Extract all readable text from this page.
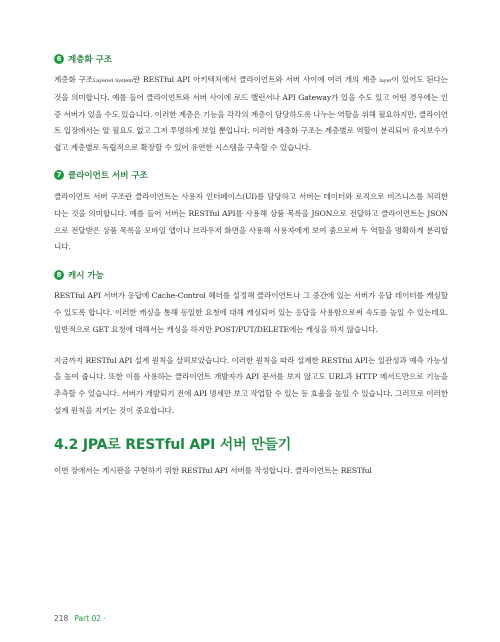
6 계층화 구조

계층화 구조Layered System란 RESTful API 아키텍처에서 클라이언트와 서버 사이에 여러 개의 계층 layer이 있어도 된다는 것을 의미합니다. 예를 들어 클라이언트와 서버 사이에 로드 밸런서나 API Gateway가 있을 수도 있고 어떤 경우에는 인증 서버가 있을 수도 있습니다. 이러한 계층은 기능을 각각의 계층이 담당하도록 나누는 역할을 위해 필요하지만, 클라이언트 입장에서는 알 필요도 없고 그저 투명하게 보일 뿐입니다. 이러한 계층화 구조는 계층별로 역할이 분리되어 유지보수가 쉽고 계층별로 독립적으로 확장할 수 있어 유연한 시스템을 구축할 수 있습니다.

7 클라이언트 서버 구조

클라이언트 서버 구조란 클라이언트는 사용자 인터페이스(UI)를 담당하고 서버는 데이터와 로직으로 비즈니스를 처리한다는 것을 의미합니다. 예를 들어 서버는 RESTful API를 사용해 상품 목록을 JSON으로 전달하고 클라이언트는 JSON으로 전달받은 상품 목록을 모바일 앱이나 브라우저 화면을 사용해 사용자에게 보여 줌으로써 두 역할을 명확하게 분리합니다.

8 캐시 가능

RESTful API 서버가 응답에 Cache-Control 헤더를 설정해 클라이언트나 그 중간에 있는 서버가 응답 데이터를 캐싱할 수 있도록 합니다. 이러한 캐싱을 통해 동일한 요청에 대해 캐싱되어 있는 응답을 사용함으로써 속도를 높일 수 있는데요. 일반적으로 GET 요청에 대해서는 캐싱을 하지만 POST/PUT/DELETE에는 캐싱을 하지 않습니다.

지금까지 RESTful API 설계 원칙을 살펴보았습니다. 이러한 원칙을 따라 설계한 RESTful API는 일관성과 예측 가능성을 높여 줍니다. 또한 이를 사용하는 클라이언트 개발자가 API 문서를 보지 않고도 URL과 HTTP 메서드만으로 기능을 추측할 수 있습니다. 서버가 개발되기 전에 API 명세만 보고 작업할 수 있는 등 효율을 높일 수 있습니다. 그러므로 이러한 설계 원칙을 지키는 것이 중요합니다.

4.2 JPA로 RESTful API 서버 만들기

이번 장에서는 게시판을 구현하기 위한 RESTful API 서버를 작성합니다. 클라이언트는 RESTful

218 Part 02 ·
